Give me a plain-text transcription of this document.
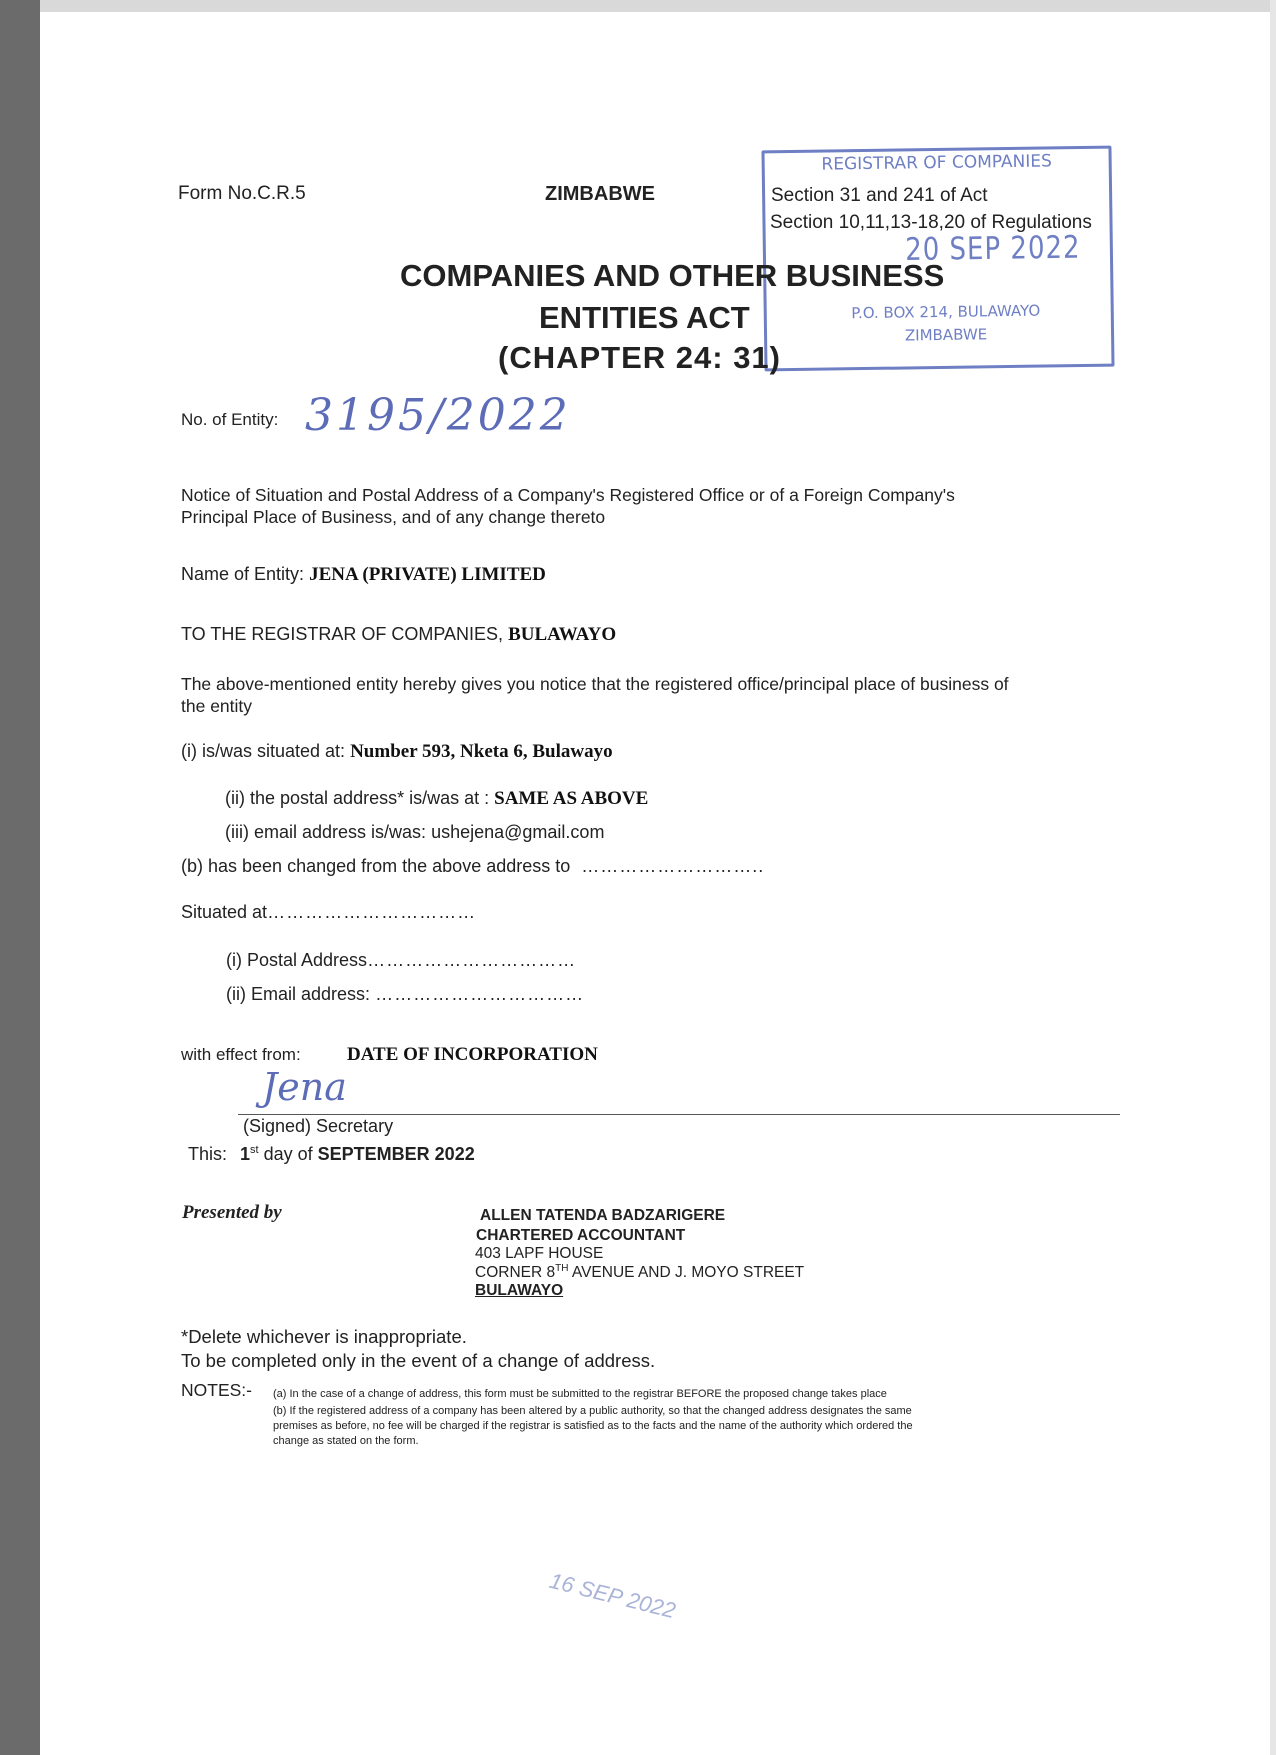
Form No.C.R.5	ZIMBABWE	Section 31 and 241 of Act
Section 10,11,13-18,20 of Regulations
REGISTRAR OF COMPANIES
20 SEP 2022
P.O. BOX 214, BULAWAYO
ZIMBABWE
COMPANIES AND OTHER BUSINESS
ENTITIES ACT
(CHAPTER 24: 31)
No. of Entity: 3195/2022
Notice of Situation and Postal Address of a Company's Registered Office or of a Foreign Company's
Principal Place of Business, and of any change thereto
Name of Entity: JENA (PRIVATE) LIMITED
TO THE REGISTRAR OF COMPANIES, BULAWAYO
The above-mentioned entity hereby gives you notice that the registered office/principal place of business of
the entity
(i) is/was situated at: Number 593, Nketa 6, Bulawayo
(ii) the postal address* is/was at : SAME AS ABOVE
(iii) email address is/was: ushejena@gmail.com
(b) has been changed from the above address to ………………………..
Situated at……………………………
(i) Postal Address……………………………
(ii) Email address: ……………………………
with effect from: DATE OF INCORPORATION
Jena
(Signed) Secretary
This: 1st day of SEPTEMBER 2022
Presented by	ALLEN TATENDA BADZARIGERE
CHARTERED ACCOUNTANT
403 LAPF HOUSE
CORNER 8TH AVENUE AND J. MOYO STREET
BULAWAYO
*Delete whichever is inappropriate.
To be completed only in the event of a change of address.
NOTES:- (a) In the case of a change of address, this form must be submitted to the registrar BEFORE the proposed change takes place
(b) If the registered address of a company has been altered by a public authority, so that the changed address designates the same
premises as before, no fee will be charged if the registrar is satisfied as to the facts and the name of the authority which ordered the
change as stated on the form.
16 SEP 2022
